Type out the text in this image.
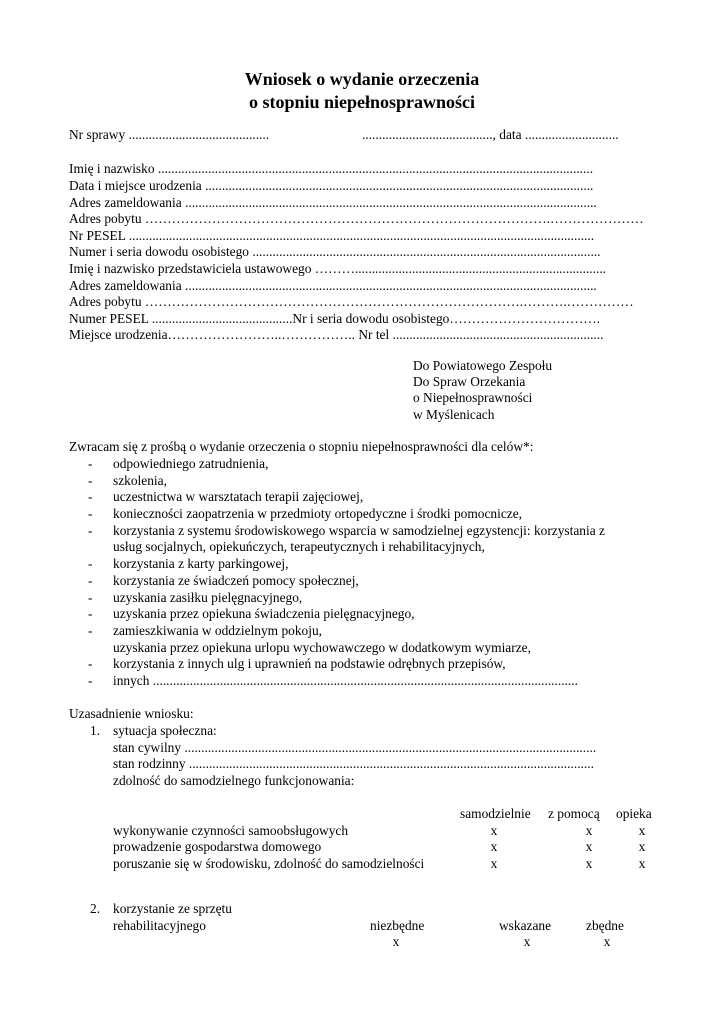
Wniosek o wydanie orzeczenia
o stopniu niepełnosprawności
Nr sprawy ..........................................	......................................., data ............................
Imię i nazwisko ..................................................................................................................................
Data i miejsce urodzenia ....................................................................................................................
Adres zameldowania ...........................................................................................................................
Adres pobytu ……………………………………………………………………………….…………………
Nr PESEL ...........................................................................................................................................
Numer i seria dowodu osobistego ........................................................................................................
Imię i nazwisko przedstawiciela ustawowego ………...........................................................................
Adres zameldowania ...........................................................................................................................
Adres pobytu ………………………………………………………………………….……….……………
Numer PESEL ..........................................Nr i seria dowodu osobistego…………………………….
Miejsce urodzenia……………………..…………….. Nr tel ...............................................................
Do Powiatowego Zespołu
Do Spraw Orzekania
o Niepełnosprawności
w Myślenicach
Zwracam się z prośbą o wydanie orzeczenia o stopniu niepełnosprawności dla celów*:
- odpowiedniego zatrudnienia,
- szkolenia,
- uczestnictwa w warsztatach terapii zajęciowej,
- konieczności zaopatrzenia w przedmioty ortopedyczne i środki pomocnicze,
- korzystania z systemu środowiskowego wsparcia w samodzielnej egzystencji: korzystania z
usług socjalnych, opiekuńczych, terapeutycznych i rehabilitacyjnych,
- korzystania z karty parkingowej,
- korzystania ze świadczeń pomocy społecznej,
- uzyskania zasiłku pielęgnacyjnego,
- uzyskania przez opiekuna świadczenia pielęgnacyjnego,
- zamieszkiwania w oddzielnym pokoju,
uzyskania przez opiekuna urlopu wychowawczego w dodatkowym wymiarze,
- korzystania z innych ulg i uprawnień na podstawie odrębnych przepisów,
- innych ...............................................................................................................................
Uzasadnienie wniosku:
1. sytuacja społeczna:
stan cywilny ...........................................................................................................................
stan rodzinny .........................................................................................................................
zdolność do samodzielnego funkcjonowania:
samodzielnie z pomocą opieka
wykonywanie czynności samoobsługowych	x	x	x
prowadzenie gospodarstwa domowego	x	x	x
poruszanie się w środowisku, zdolność do samodzielności	x	x	x
2. korzystanie ze sprzętu
rehabilitacyjnego	niezbędne	wskazane	zbędne
x	x	x
